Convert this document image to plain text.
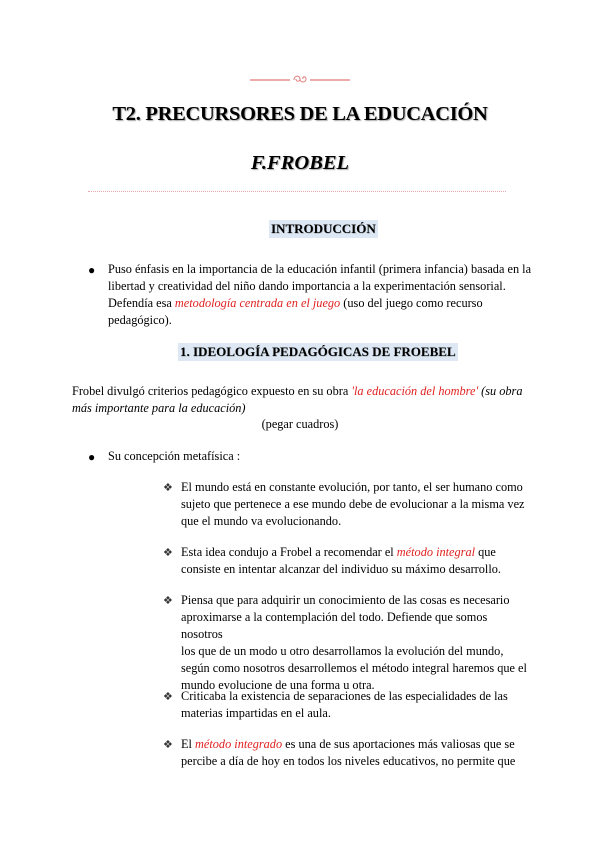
T2. PRECURSORES DE LA EDUCACIÓN
F.FROBEL
INTRODUCCIÓN
●	Puso énfasis en la importancia de la educación infantil (primera infancia) basada en la
libertad y creatividad del niño dando importancia a la experimentación sensorial.
Defendía esa metodología centrada en el juego (uso del juego como recurso
pedagógico).
1. IDEOLOGÍA PEDAGÓGICAS DE FROEBEL
Frobel divulgó criterios pedagógico expuesto en su obra 'la educación del hombre' (su obra
más importante para la educación)
(pegar cuadros)
●	Su concepción metafísica :
❖ El mundo está en constante evolución, por tanto, el ser humano como
sujeto que pertenece a ese mundo debe de evolucionar a la misma vez
que el mundo va evolucionando.
❖ Esta idea condujo a Frobel a recomendar el método integral que
consiste en intentar alcanzar del individuo su máximo desarrollo.
❖ Piensa que para adquirir un conocimiento de las cosas es necesario
aproximarse a la contemplación del todo. Defiende que somos nosotros
los que de un modo u otro desarrollamos la evolución del mundo,
según como nosotros desarrollemos el método integral haremos que el
mundo evolucione de una forma u otra.
❖ Criticaba la existencia de separaciones de las especialidades de las
materias impartidas en el aula.
❖ El método integrado es una de sus aportaciones más valiosas que se
percibe a día de hoy en todos los niveles educativos, no permite que
